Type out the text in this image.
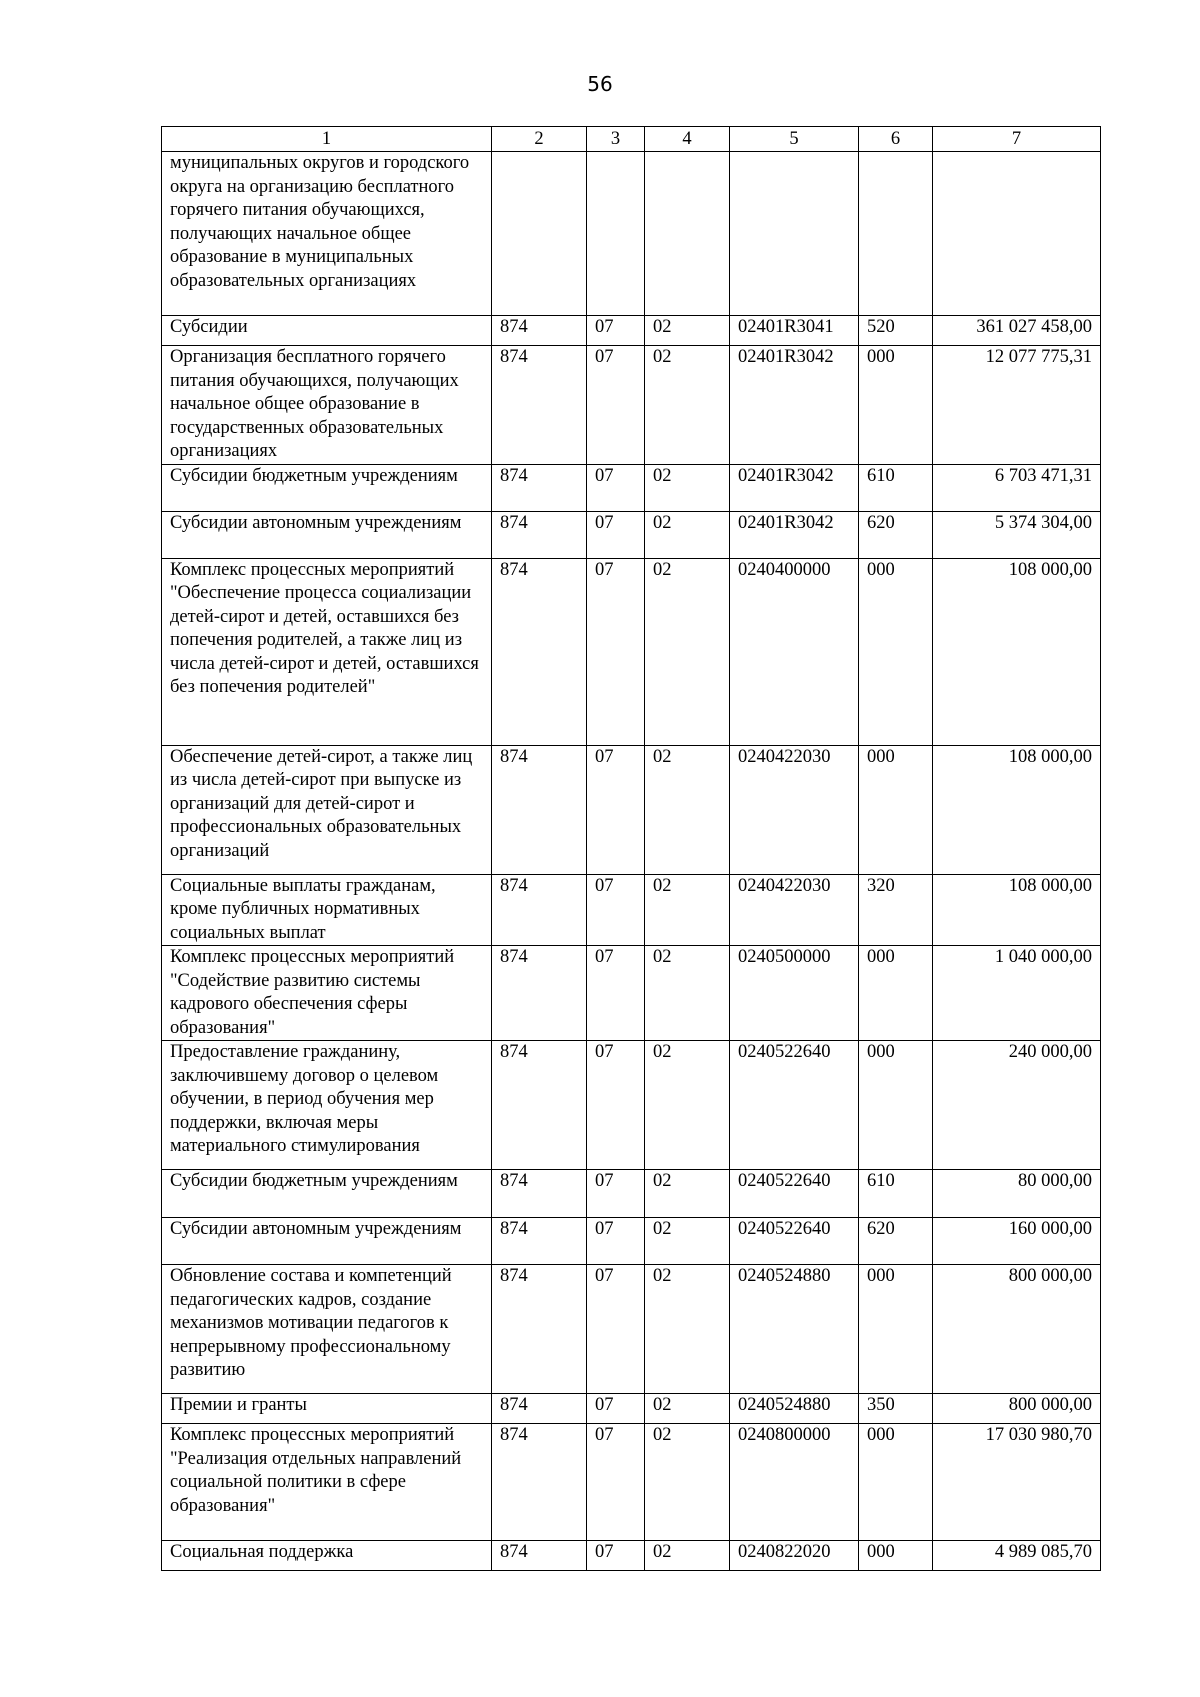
56
1	2	3	4	5	6	7
муниципальных округов и городского округа на организацию бесплатного горячего питания обучающихся, получающих начальное общее образование в муниципальных образовательных организациях						
Субсидии	874	07	02	02401R3041	520	361 027 458,00
Организация бесплатного горячего питания обучающихся, получающих начальное общее образование в государственных образовательных организациях	874	07	02	02401R3042	000	12 077 775,31
Субсидии бюджетным учреждениям	874	07	02	02401R3042	610	6 703 471,31
Субсидии автономным учреждениям	874	07	02	02401R3042	620	5 374 304,00
Комплекс процессных мероприятий "Обеспечение процесса социализации детей-сирот и детей, оставшихся без попечения родителей, а также лиц из числа детей-сирот и детей, оставшихся без попечения родителей"	874	07	02	0240400000	000	108 000,00
Обеспечение детей-сирот, а также лиц из числа детей-сирот при выпуске из организаций для детей-сирот и профессиональных образовательных организаций	874	07	02	0240422030	000	108 000,00
Социальные выплаты гражданам, кроме публичных нормативных социальных выплат	874	07	02	0240422030	320	108 000,00
Комплекс процессных мероприятий "Содействие развитию системы кадрового обеспечения сферы образования"	874	07	02	0240500000	000	1 040 000,00
Предоставление гражданину, заключившему договор о целевом обучении, в период обучения мер поддержки, включая меры материального стимулирования	874	07	02	0240522640	000	240 000,00
Субсидии бюджетным учреждениям	874	07	02	0240522640	610	80 000,00
Субсидии автономным учреждениям	874	07	02	0240522640	620	160 000,00
Обновление состава и компетенций педагогических кадров, создание механизмов мотивации педагогов к непрерывному профессиональному развитию	874	07	02	0240524880	000	800 000,00
Премии и гранты	874	07	02	0240524880	350	800 000,00
Комплекс процессных мероприятий "Реализация отдельных направлений социальной политики в сфере образования"	874	07	02	0240800000	000	17 030 980,70
Социальная поддержка	874	07	02	0240822020	000	4 989 085,70
